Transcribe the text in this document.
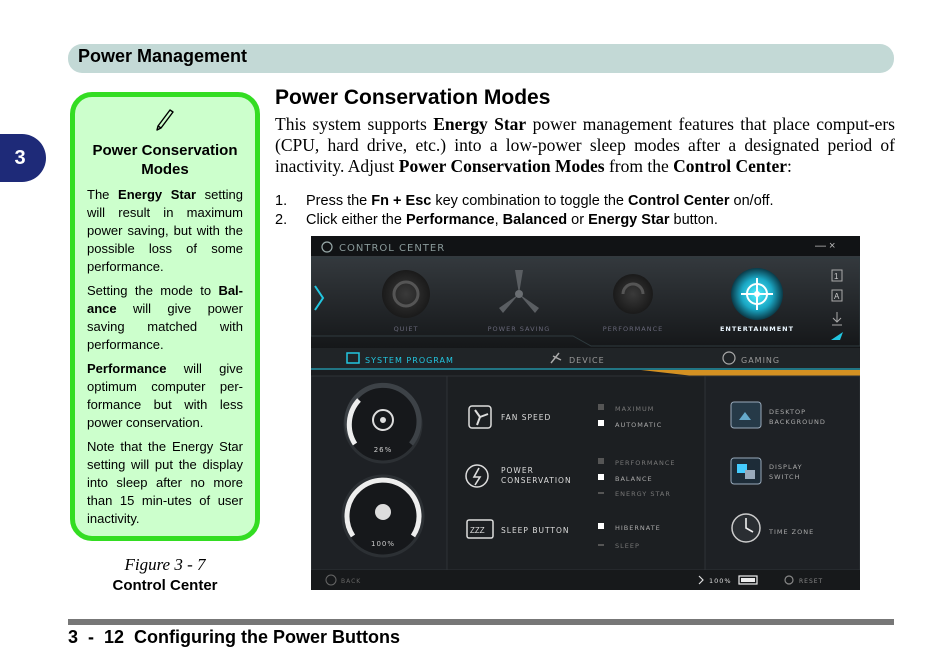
Power Management
3	Power Conservation Modes

The Energy Star setting will result in maximum power saving, but with the possible loss of some performance.

Setting the mode to Bal-ance will give power saving matched with performance.

Performance will give optimum computer per-formance but with less power conservation.

Note that the Energy Star setting will put the display into sleep after no more than 15 min-utes of user inactivity.

Figure 3 - 7
Control Center
Power Conservation Modes

This system supports Energy Star power management features that place comput-ers (CPU, hard drive, etc.) into a low-power sleep modes after a designated period of inactivity. Adjust Power Conservation Modes from the Control Center:

1.	Press the Fn + Esc key combination to toggle the Control Center on/off.
2.	Click either the Performance, Balanced or Energy Star button.
CONTROL CENTER	— ×
QUIET	POWER SAVING	PERFORMANCE	ENTERTAINMENT
1
A
SYSTEM PROGRAM	DEVICE	GAMING
26%
100%
FAN SPEED
MAXIMUM
AUTOMATIC
POWER
CONSERVATION
PERFORMANCE
BALANCE
ENERGY STAR
ZZZ SLEEP BUTTON	HIBERNATE
SLEEP
DESKTOP
BACKGROUND
DISPLAY
SWITCH
TIME ZONE
BACK	100%	RESET
3  -  12  Configuring the Power Buttons
